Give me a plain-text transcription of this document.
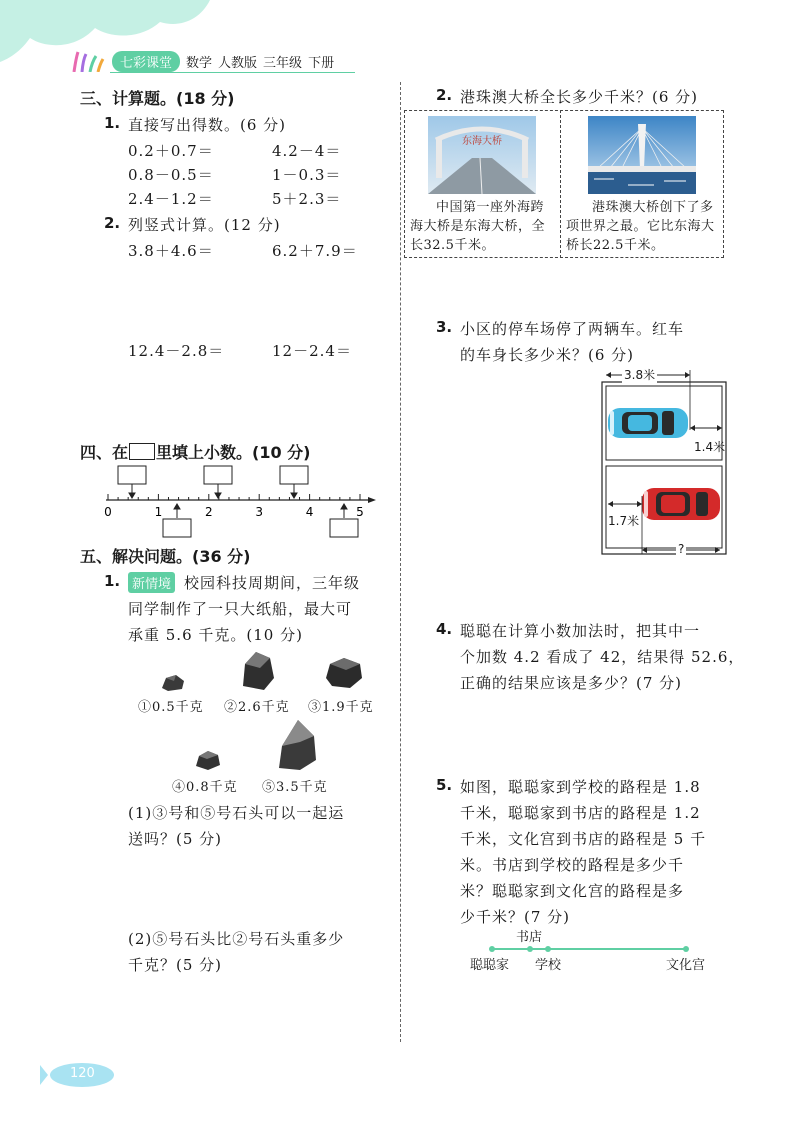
七彩课堂	数学 人教版 三年级 下册
三、计算题。(18 分)
1. 直接写出得数。(6 分)
0.2＋0.7＝	4.2－4＝
0.8－0.5＝	1－0.3＝
2.4－1.2＝	5＋2.3＝
2. 列竖式计算。(12 分)
3.8＋4.6＝	6.2＋7.9＝
12.4－2.8＝	12－2.4＝
四、在 里填上小数。(10 分)
0	1	2	3	4	5
五、解决问题。(36 分)
1. 新情境 校园科技周期间，三年级
同学制作了一只大纸船，最大可
承重 5.6 千克。(10 分)
①0.5千克 ②2.6千克 ③1.9千克
④0.8千克 ⑤3.5千克
(1)③号和⑤号石头可以一起运
送吗？(5 分)
(2)⑤号石头比②号石头重多少
千克？(5 分)
2. 港珠澳大桥全长多少千米？(6 分)
东海大桥
中国第一座外海跨海大桥是东海大桥，全长32.5千米。
港珠澳大桥创下了多项世界之最。它比东海大桥长22.5千米。
3. 小区的停车场停了两辆车。红车
的车身长多少米？(6 分)
3.8米
1.4米
1.7米
?
4. 聪聪在计算小数加法时，把其中一
个加数 4.2 看成了 42，结果得 52.6，
正确的结果应该是多少？(7 分)
5. 如图，聪聪家到学校的路程是 1.8
千米，聪聪家到书店的路程是 1.2
千米，文化宫到书店的路程是 5 千
米。书店到学校的路程是多少千
米？聪聪家到文化宫的路程是多
少千米？(7 分)
书店
聪聪家 学校	文化宫
120
